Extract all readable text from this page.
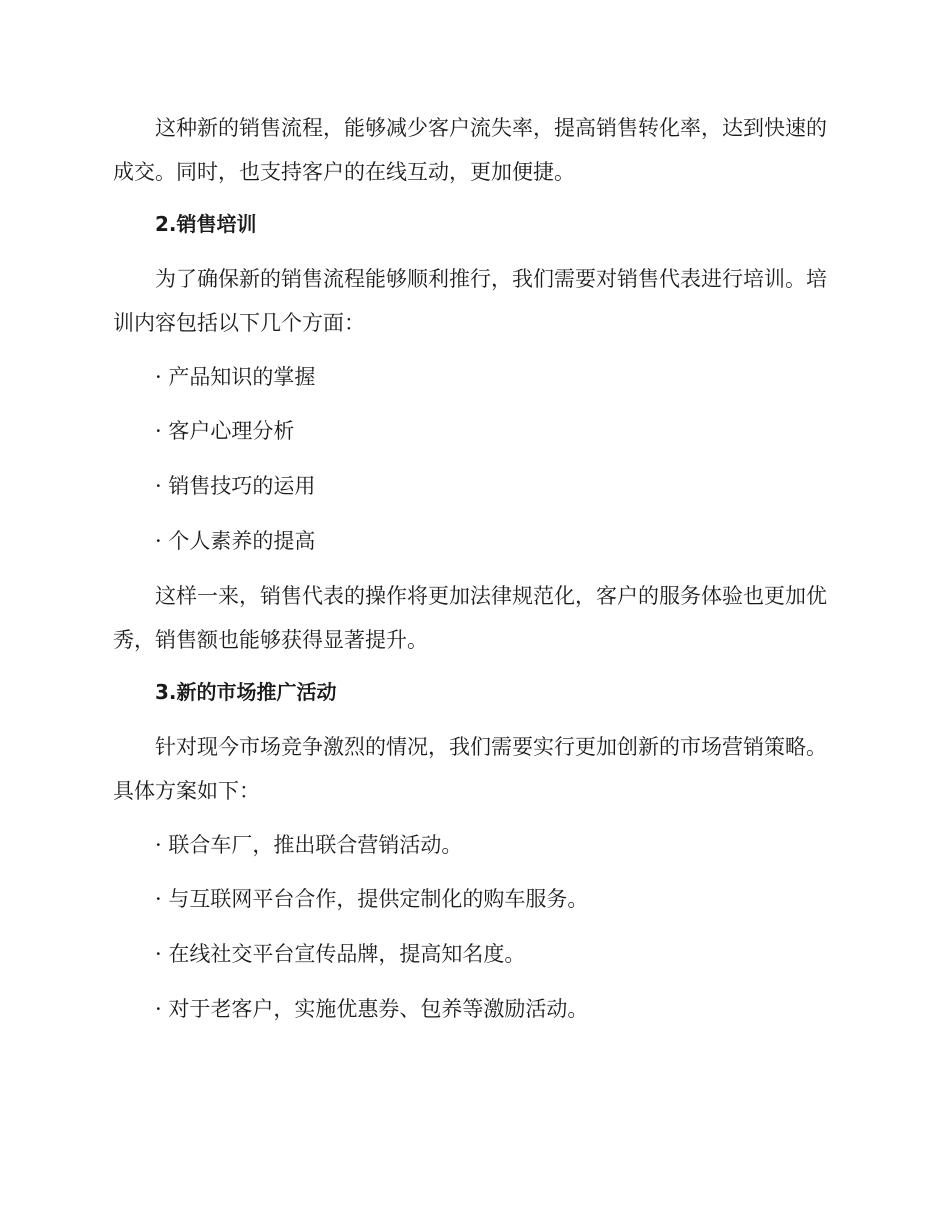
这种新的销售流程，能够减少客户流失率，提高销售转化率，达到快速的成交。同时，也支持客户的在线互动，更加便捷。

2.销售培训

为了确保新的销售流程能够顺利推行，我们需要对销售代表进行培训。培训内容包括以下几个方面：

· 产品知识的掌握

· 客户心理分析

· 销售技巧的运用

· 个人素养的提高

这样一来，销售代表的操作将更加法律规范化，客户的服务体验也更加优秀，销售额也能够获得显著提升。

3.新的市场推广活动

针对现今市场竞争激烈的情况，我们需要实行更加创新的市场营销策略。具体方案如下：

· 联合车厂，推出联合营销活动。

· 与互联网平台合作，提供定制化的购车服务。

· 在线社交平台宣传品牌，提高知名度。

· 对于老客户，实施优惠券、包养等激励活动。
